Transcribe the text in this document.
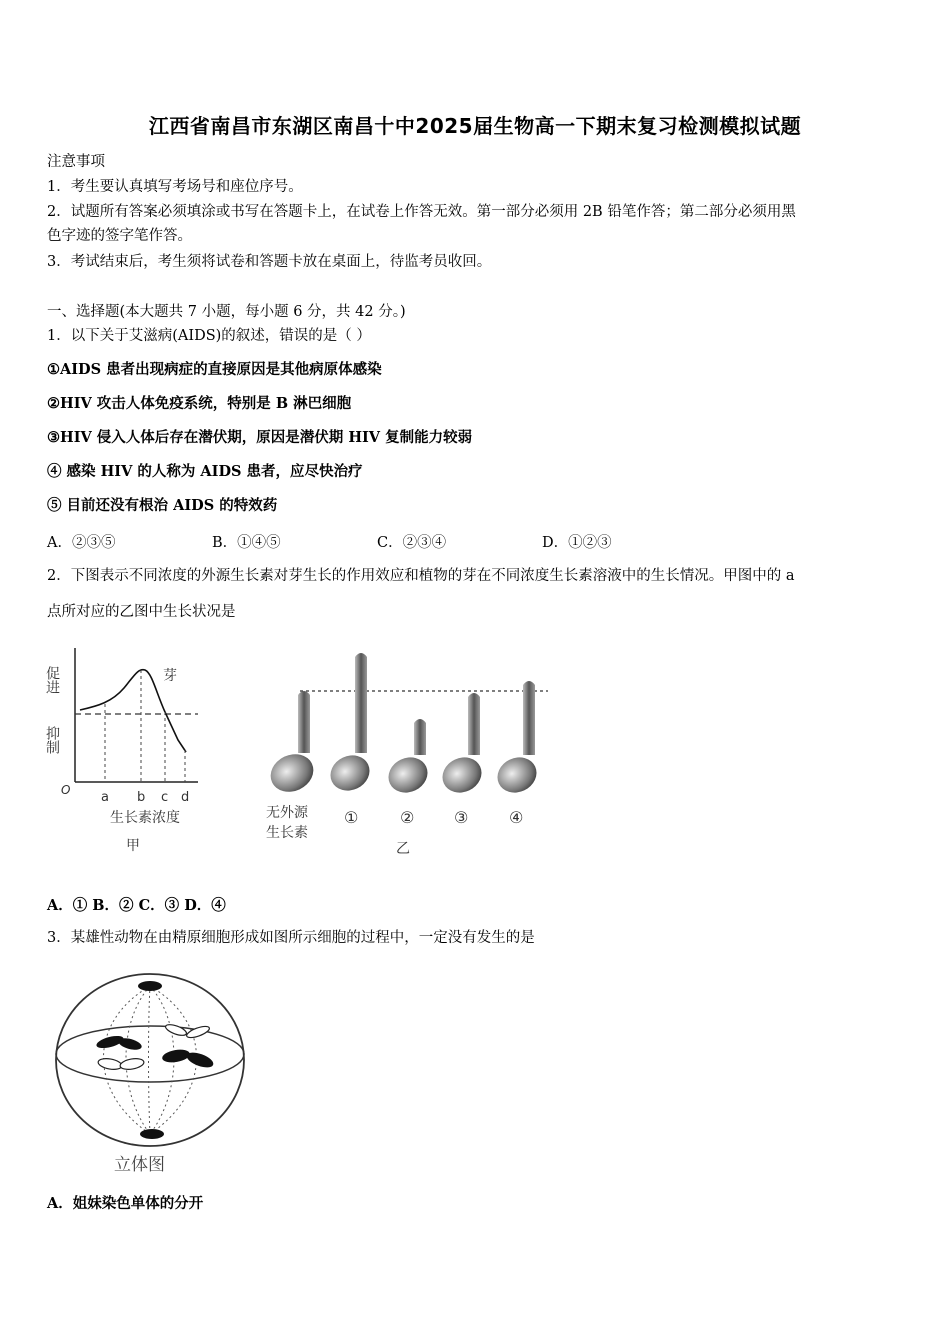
江西省南昌市东湖区南昌十中2025届生物高一下期末复习检测模拟试题
注意事项
1．考生要认真填写考场号和座位序号。
2．试题所有答案必须填涂或书写在答题卡上，在试卷上作答无效。第一部分必须用 2B 铅笔作答；第二部分必须用黑
色字迹的签字笔作答。
3．考试结束后，考生须将试卷和答题卡放在桌面上，待监考员收回。
一、选择题(本大题共 7 小题，每小题 6 分，共 42 分。)
1．以下关于艾滋病(AIDS)的叙述，错误的是（ ）
①AIDS 患者出现病症的直接原因是其他病原体感染
②HIV 攻击人体免疫系统，特别是 B 淋巴细胞
③HIV 侵入人体后存在潜伏期，原因是潜伏期 HIV 复制能力较弱
④ 感染 HIV 的人称为 AIDS 患者，应尽快治疗
⑤ 目前还没有根治 AIDS 的特效药
A．②③⑤	B．①④⑤	C．②③④	D．①②③
2．下图表示不同浓度的外源生长素对芽生长的作用效应和植物的芽在不同浓度生长素溶液中的生长情况。甲图中的 a
点所对应的乙图中生长状况是
促进
抑制
O
芽
a b c d
生长素浓度
甲
无外源
生长素
①	② ③	④
乙
A．① B．② C．③ D．④
3．某雄性动物在由精原细胞形成如图所示细胞的过程中，一定没有发生的是
立体图
A．姐妹染色单体的分开
